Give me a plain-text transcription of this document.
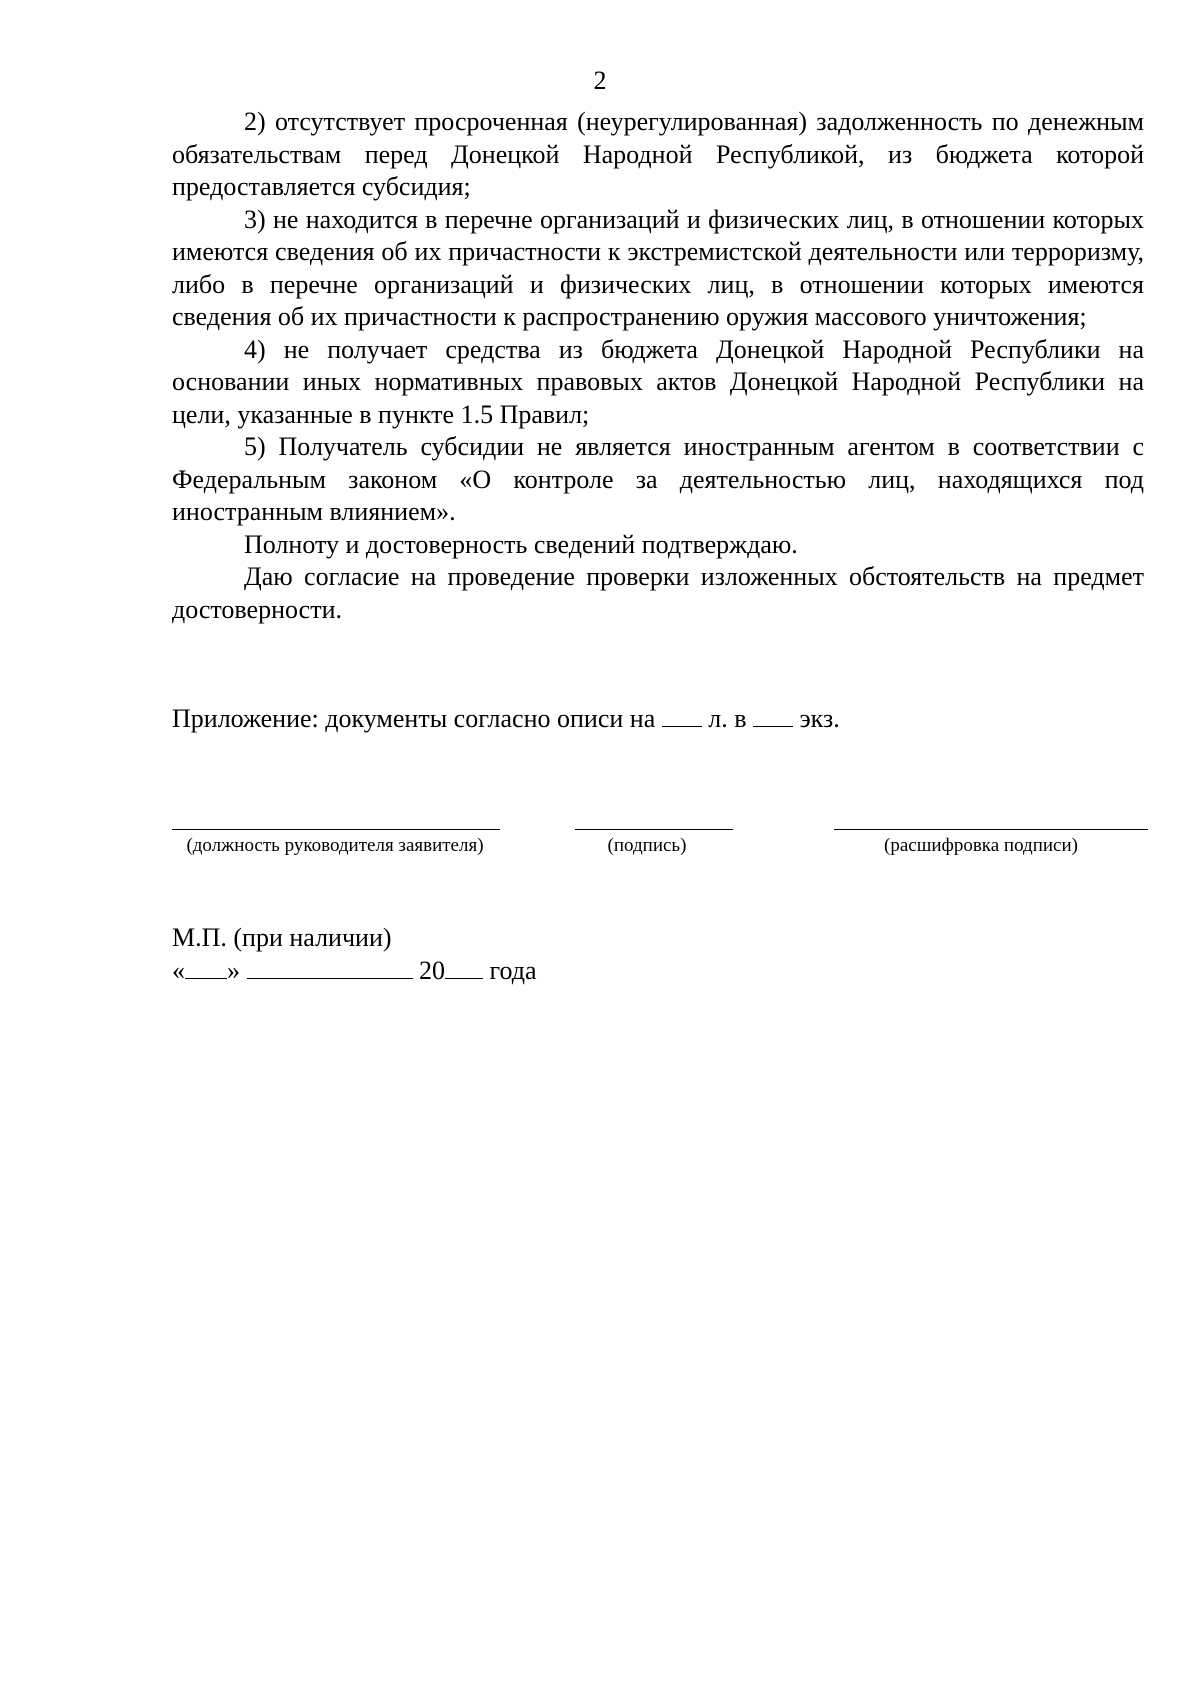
2

2) отсутствует просроченная (неурегулированная) задолженность по денежным обязательствам перед Донецкой Народной Республикой, из бюджета которой предоставляется субсидия;

3) не находится в перечне организаций и физических лиц, в отношении которых имеются сведения об их причастности к экстремистской деятельности или терроризму, либо в перечне организаций и физических лиц, в отношении которых имеются сведения об их причастности к распространению оружия массового уничтожения;

4) не получает средства из бюджета Донецкой Народной Республики на основании иных нормативных правовых актов Донецкой Народной Республики на цели, указанные в пункте 1.5 Правил;

5) Получатель субсидии не является иностранным агентом в соответствии с Федеральным законом «О контроле за деятельностью лиц, находящихся под иностранным влиянием».

Полноту и достоверность сведений подтверждаю.

Даю согласие на проведение проверки изложенных обстоятельств на предмет достоверности.

Приложение: документы согласно описи на л. в экз.
(должность руководителя заявителя)	(подпись)	(расшифровка подписи)
М.П. (при наличии)
« »	20 года
